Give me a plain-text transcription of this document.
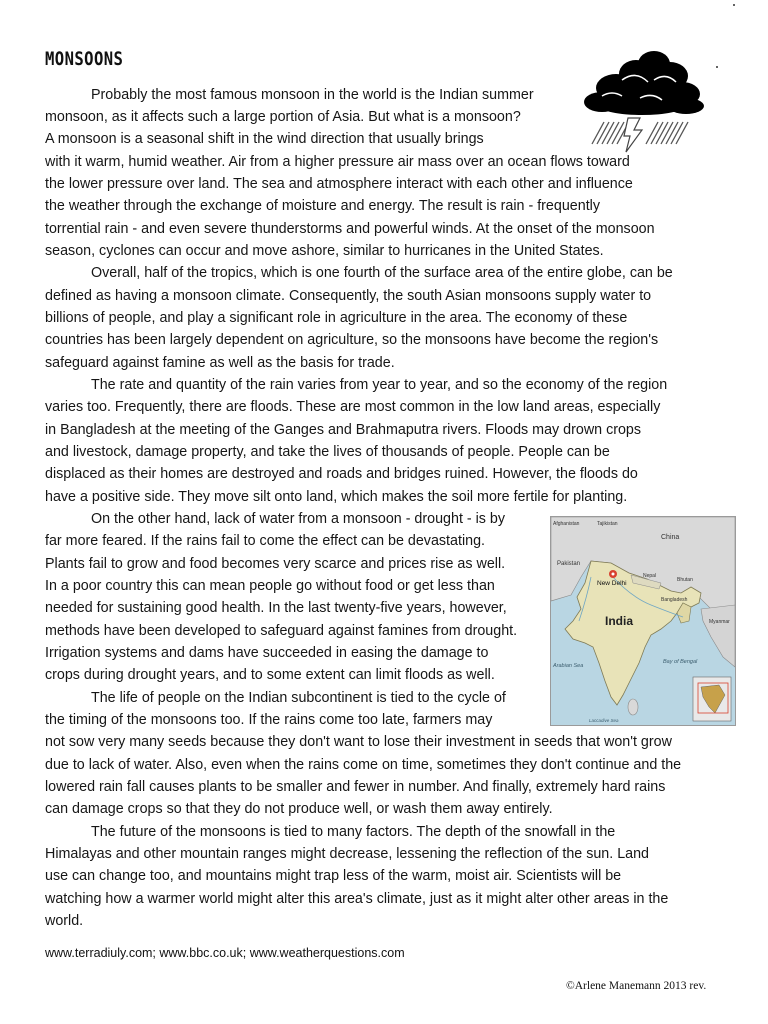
MONSOONS
Probably the most famous monsoon in the world is the Indian summer
monsoon, as it affects such a large portion of Asia. But what is a monsoon?
A monsoon is a seasonal shift in the wind direction that usually brings
with it warm, humid weather. Air from a higher pressure air mass over an ocean flows toward
the lower pressure over land. The sea and atmosphere interact with each other and influence
the weather through the exchange of moisture and energy. The result is rain - frequently
torrential rain - and even severe thunderstorms and powerful winds. At the onset of the monsoon
season, cyclones can occur and move ashore, similar to hurricanes in the United States.
Overall, half of the tropics, which is one fourth of the surface area of the entire globe, can be
defined as having a monsoon climate. Consequently, the south Asian monsoons supply water to
billions of people, and play a significant role in agriculture in the area. The economy of these
countries has been largely dependent on agriculture, so the monsoons have become the region's
safeguard against famine as well as the basis for trade.
The rate and quantity of the rain varies from year to year, and so the economy of the region
varies too. Frequently, there are floods. These are most common in the low land areas, especially
in Bangladesh at the meeting of the Ganges and Brahmaputra rivers. Floods may drown crops
and livestock, damage property, and take the lives of thousands of people. People can be
displaced as their homes are destroyed and roads and bridges ruined. However, the floods do
have a positive side. They move silt onto land, which makes the soil more fertile for planting.
On the other hand, lack of water from a monsoon - drought - is by
far more feared. If the rains fail to come the effect can be devastating.
Plants fail to grow and food becomes very scarce and prices rise as well.
In a poor country this can mean people go without food or get less than
needed for sustaining good health. In the last twenty-five years, however,
methods have been developed to safeguard against famines from drought.
Irrigation systems and dams have succeeded in easing the damage to
crops during drought years, and to some extent can limit floods as well.
The life of people on the Indian subcontinent is tied to the cycle of
the timing of the monsoons too. If the rains come too late, farmers may
not sow very many seeds because they don't want to lose their investment in seeds that won't grow
due to lack of water. Also, even when the rains come on time, sometimes they don't continue and the
lowered rain fall causes plants to be smaller and fewer in number. And finally, extremely hard rains
can damage crops so that they do not produce well, or wash them away entirely.
The future of the monsoons is tied to many factors. The depth of the snowfall in the
Himalayas and other mountain ranges might decrease, lessening the reflection of the sun. Land
use can change too, and mountains might trap less of the warm, moist air. Scientists will be
watching how a warmer world might alter this area's climate, just as it might alter other areas in the
world.
Afghanistan	Tajikistan
China
Pakistan
New Delhi
Nepal
Bhutan
Bangladesh
India	Myanmar
Arabian Sea
Bay of Bengal
Laccadive Sea
www.terradiuly.com; www.bbc.co.uk; www.weatherquestions.com
©Arlene Manemann 2013 rev.
